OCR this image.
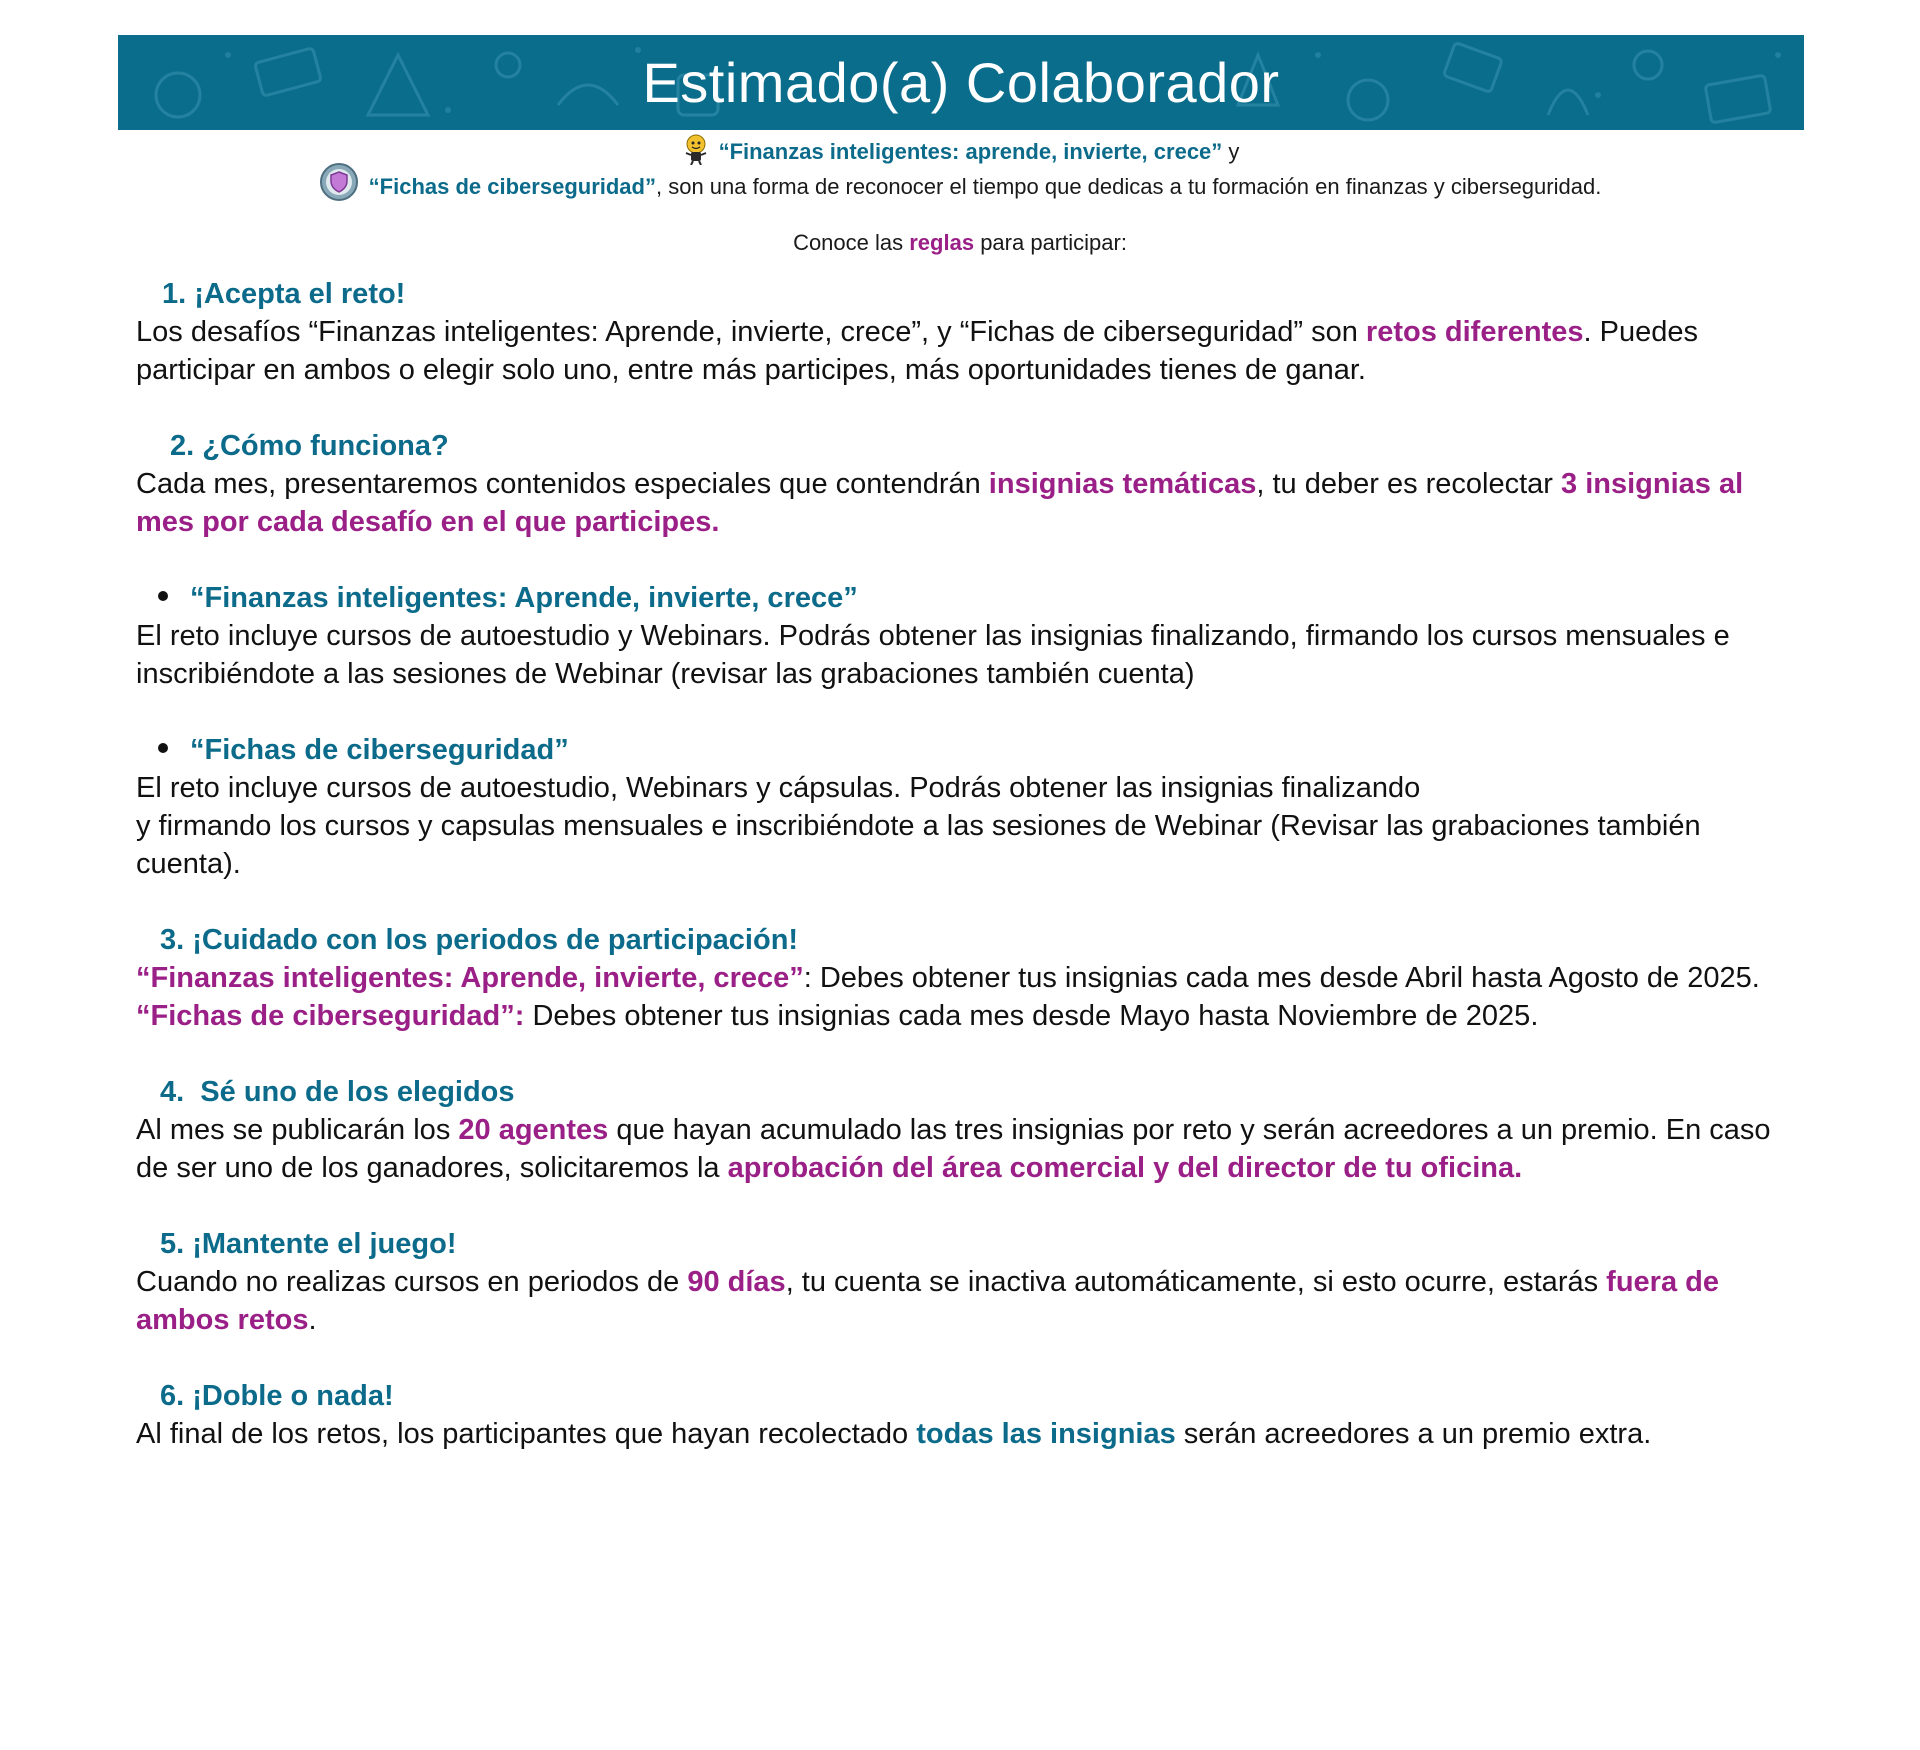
Estimado(a) Colaborador
“Finanzas inteligentes: aprende, invierte, crece” y
“Fichas de ciberseguridad”, son una forma de reconocer el tiempo que dedicas a tu formación en finanzas y ciberseguridad.
Conoce las reglas para participar:
1. ¡Acepta el reto!

Los desafíos “Finanzas inteligentes: Aprende, invierte, crece”, y “Fichas de ciberseguridad” son retos diferentes. Puedes participar en ambos o elegir solo uno, entre más participes, más oportunidades tienes de ganar.

2. ¿Cómo funciona?

Cada mes, presentaremos contenidos especiales que contendrán insignias temáticas, tu deber es recolectar 3 insignias al mes por cada desafío en el que participes.

“Finanzas inteligentes: Aprende, invierte, crece”

El reto incluye cursos de autoestudio y Webinars. Podrás obtener las insignias finalizando, firmando los cursos mensuales e inscribiéndote a las sesiones de Webinar (revisar las grabaciones también cuenta)

“Fichas de ciberseguridad”

El reto incluye cursos de autoestudio, Webinars y cápsulas. Podrás obtener las insignias finalizando

y firmando los cursos y capsulas mensuales e inscribiéndote a las sesiones de Webinar (Revisar las grabaciones también cuenta).

3. ¡Cuidado con los periodos de participación!

“Finanzas inteligentes: Aprende, invierte, crece”: Debes obtener tus insignias cada mes desde Abril hasta Agosto de 2025.

“Fichas de ciberseguridad”: Debes obtener tus insignias cada mes desde Mayo hasta Noviembre de 2025.

4.  Sé uno de los elegidos

Al mes se publicarán los 20 agentes que hayan acumulado las tres insignias por reto y serán acreedores a un premio. En caso de ser uno de los ganadores, solicitaremos la aprobación del área comercial y del director de tu oficina.

5. ¡Mantente el juego!

Cuando no realizas cursos en periodos de 90 días, tu cuenta se inactiva automáticamente, si esto ocurre, estarás fuera de ambos retos.

6. ¡Doble o nada!

Al final de los retos, los participantes que hayan recolectado todas las insignias serán acreedores a un premio extra.
